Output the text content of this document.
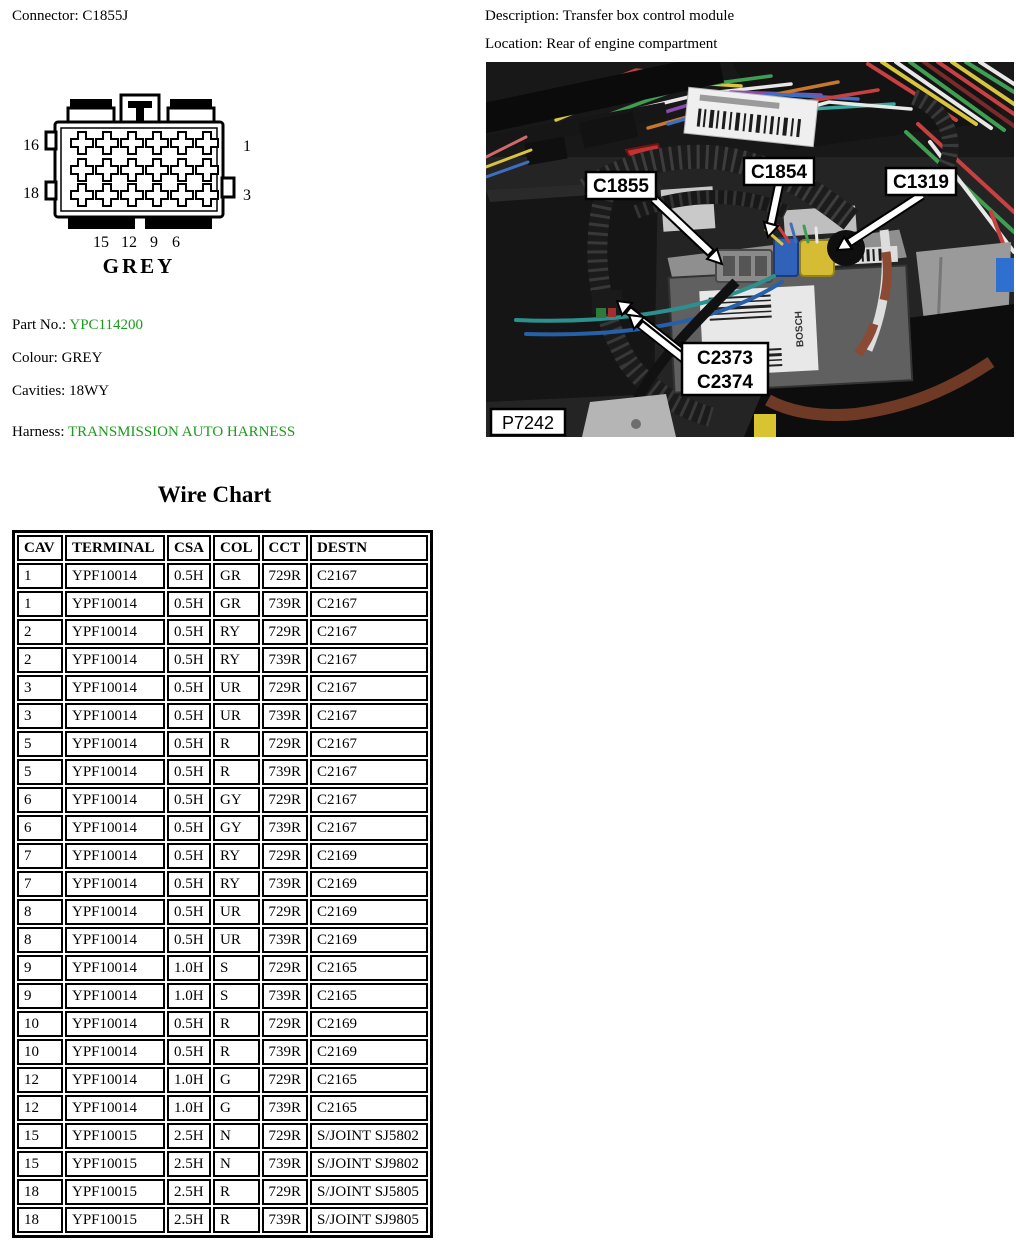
Connector: C1855J
16	1
18	3
15 12 9 6
GREY
Part No.: YPC114200
Colour: GREY
Cavities: 18WY
Harness: TRANSMISSION AUTO HARNESS
Description: Transfer box control module
Location: Rear of engine compartment
BOSCH
C1855
C1854	C1319
C2373
C2374
P7242
Wire Chart
CAV	TERMINAL	CSA	COL	CCT	DESTN
1	YPF10014	0.5H	GR	729R	C2167
1	YPF10014	0.5H	GR	739R	C2167
2	YPF10014	0.5H	RY	729R	C2167
2	YPF10014	0.5H	RY	739R	C2167
3	YPF10014	0.5H	UR	729R	C2167
3	YPF10014	0.5H	UR	739R	C2167
5	YPF10014	0.5H	R	729R	C2167
5	YPF10014	0.5H	R	739R	C2167
6	YPF10014	0.5H	GY	729R	C2167
6	YPF10014	0.5H	GY	739R	C2167
7	YPF10014	0.5H	RY	729R	C2169
7	YPF10014	0.5H	RY	739R	C2169
8	YPF10014	0.5H	UR	729R	C2169
8	YPF10014	0.5H	UR	739R	C2169
9	YPF10014	1.0H	S	729R	C2165
9	YPF10014	1.0H	S	739R	C2165
10	YPF10014	0.5H	R	729R	C2169
10	YPF10014	0.5H	R	739R	C2169
12	YPF10014	1.0H	G	729R	C2165
12	YPF10014	1.0H	G	739R	C2165
15	YPF10015	2.5H	N	729R	S/JOINT SJ5802
15	YPF10015	2.5H	N	739R	S/JOINT SJ9802
18	YPF10015	2.5H	R	729R	S/JOINT SJ5805
18	YPF10015	2.5H	R	739R	S/JOINT SJ9805
